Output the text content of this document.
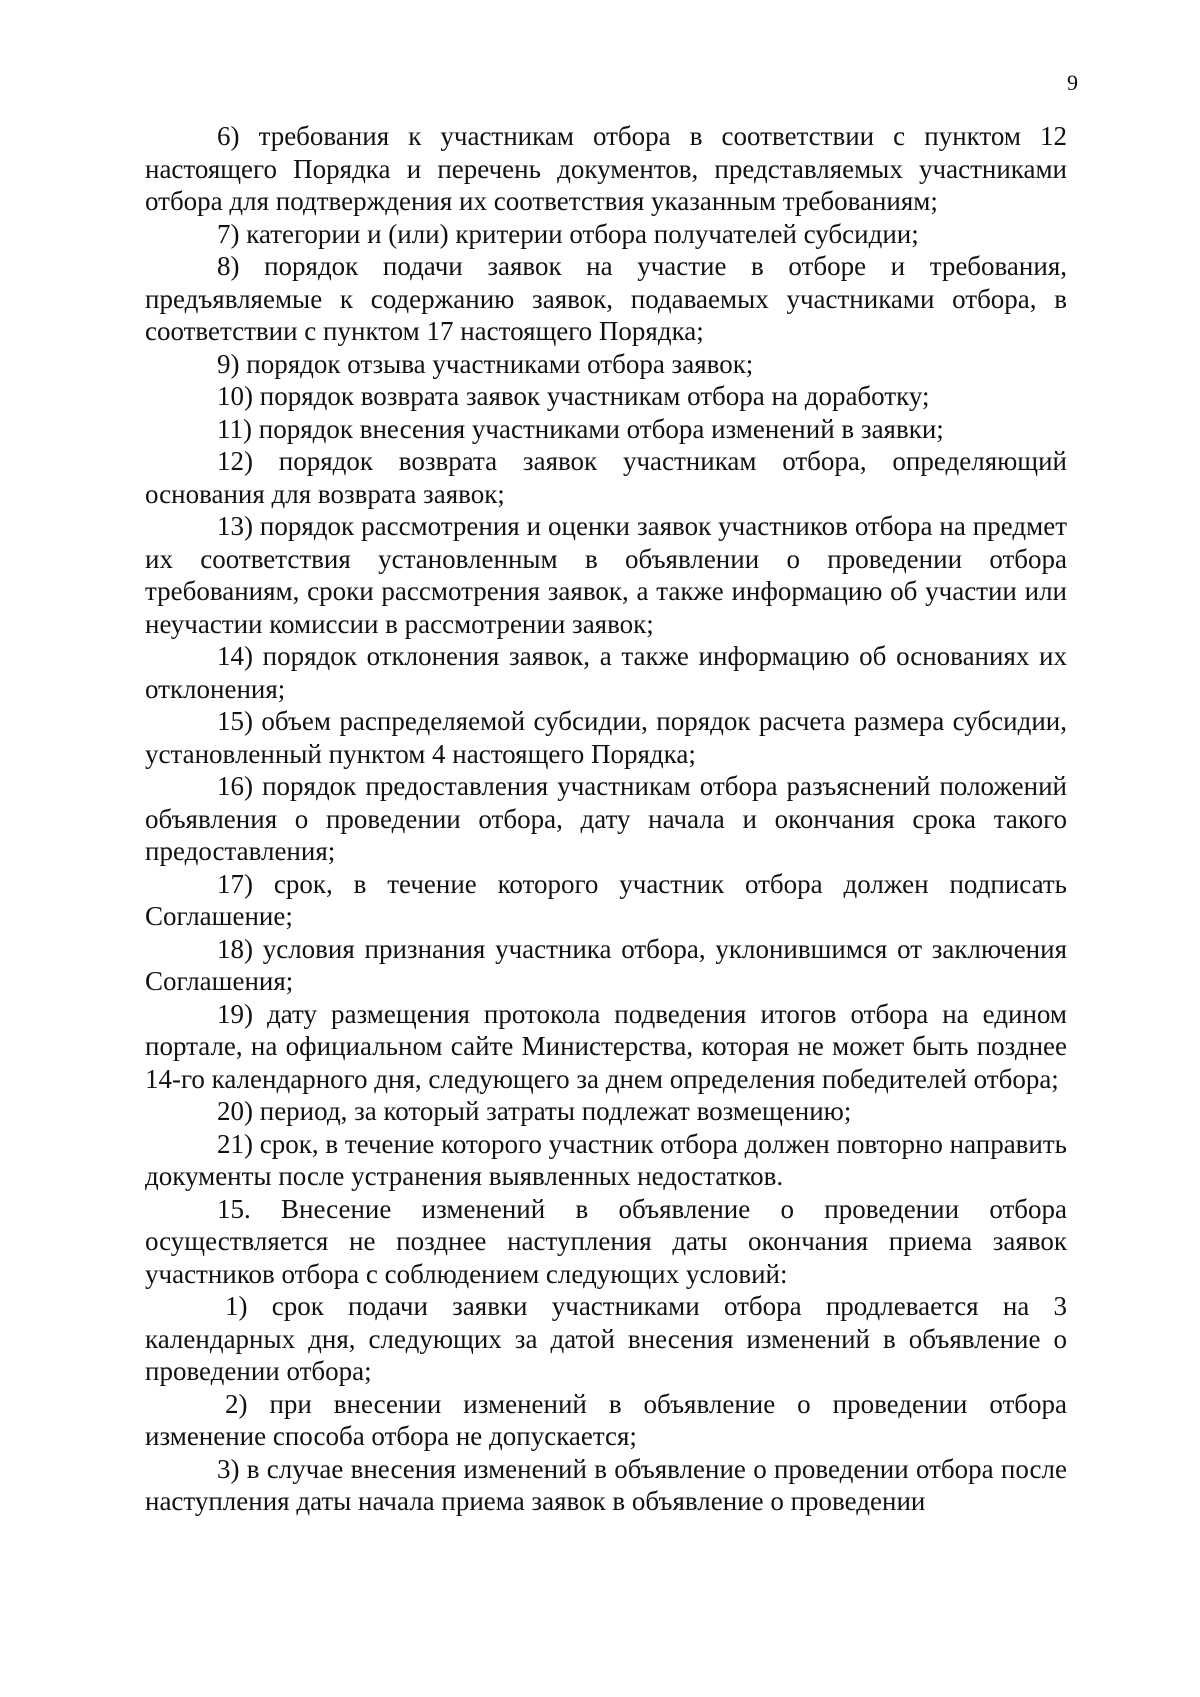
9

6) требования к участникам отбора в соответствии с пунктом 12 настоящего Порядка и перечень документов, представляемых участниками отбора для подтверждения их соответствия указанным требованиям;

7) категории и (или) критерии отбора получателей субсидии;

8) порядок подачи заявок на участие в отборе и требования, предъявляемые к содержанию заявок, подаваемых участниками отбора, в соответствии с пунктом 17 настоящего Порядка;

9) порядок отзыва участниками отбора заявок;

10) порядок возврата заявок участникам отбора на доработку;

11) порядок внесения участниками отбора изменений в заявки;

12) порядок возврата заявок участникам отбора, определяющий основания для возврата заявок;

13) порядок рассмотрения и оценки заявок участников отбора на предмет их соответствия установленным в объявлении о проведении отбора требованиям, сроки рассмотрения заявок, а также информацию об участии или неучастии комиссии в рассмотрении заявок;

14) порядок отклонения заявок, а также информацию об основаниях их отклонения;

15) объем распределяемой субсидии, порядок расчета размера субсидии, установленный пунктом 4 настоящего Порядка;

16) порядок предоставления участникам отбора разъяснений положений объявления о проведении отбора, дату начала и окончания срока такого предоставления;

17) срок, в течение которого участник отбора должен подписать Соглашение;

18) условия признания участника отбора, уклонившимся от заключения Соглашения;

19) дату размещения протокола подведения итогов отбора на едином портале, на официальном сайте Министерства, которая не может быть позднее 14-го календарного дня, следующего за днем определения победителей отбора;

20) период, за который затраты подлежат возмещению;

21) срок, в течение которого участник отбора должен повторно направить документы после устранения выявленных недостатков.

15. Внесение изменений в объявление о проведении отбора осуществляется не позднее наступления даты окончания приема заявок участников отбора с соблюдением следующих условий:

1) срок подачи заявки участниками отбора продлевается на 3 календарных дня, следующих за датой внесения изменений в объявление о проведении отбора;

2) при внесении изменений в объявление о проведении отбора изменение способа отбора не допускается;

3) в случае внесения изменений в объявление о проведении отбора после наступления даты начала приема заявок в объявление о проведении
